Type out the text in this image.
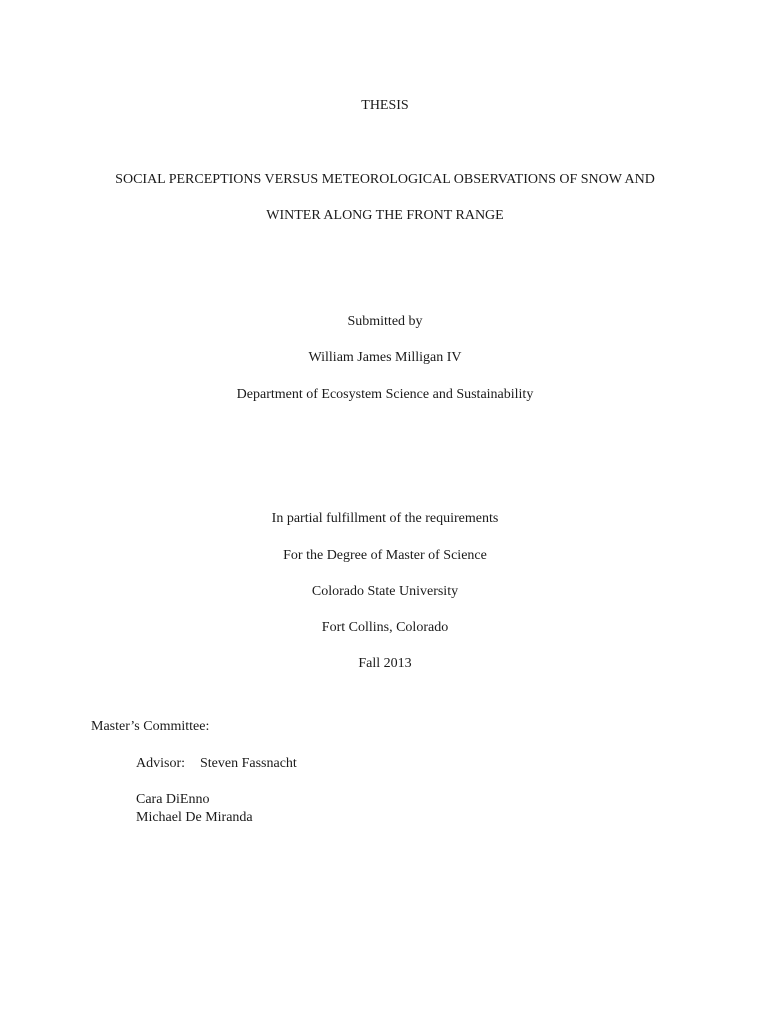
THESIS
SOCIAL PERCEPTIONS VERSUS METEOROLOGICAL OBSERVATIONS OF SNOW AND
WINTER ALONG THE FRONT RANGE
Submitted by
William James Milligan IV
Department of Ecosystem Science and Sustainability
In partial fulfillment of the requirements
For the Degree of Master of Science
Colorado State University
Fort Collins, Colorado
Fall 2013
Master’s Committee:
Advisor: Steven Fassnacht
Cara DiEnno
Michael De Miranda
